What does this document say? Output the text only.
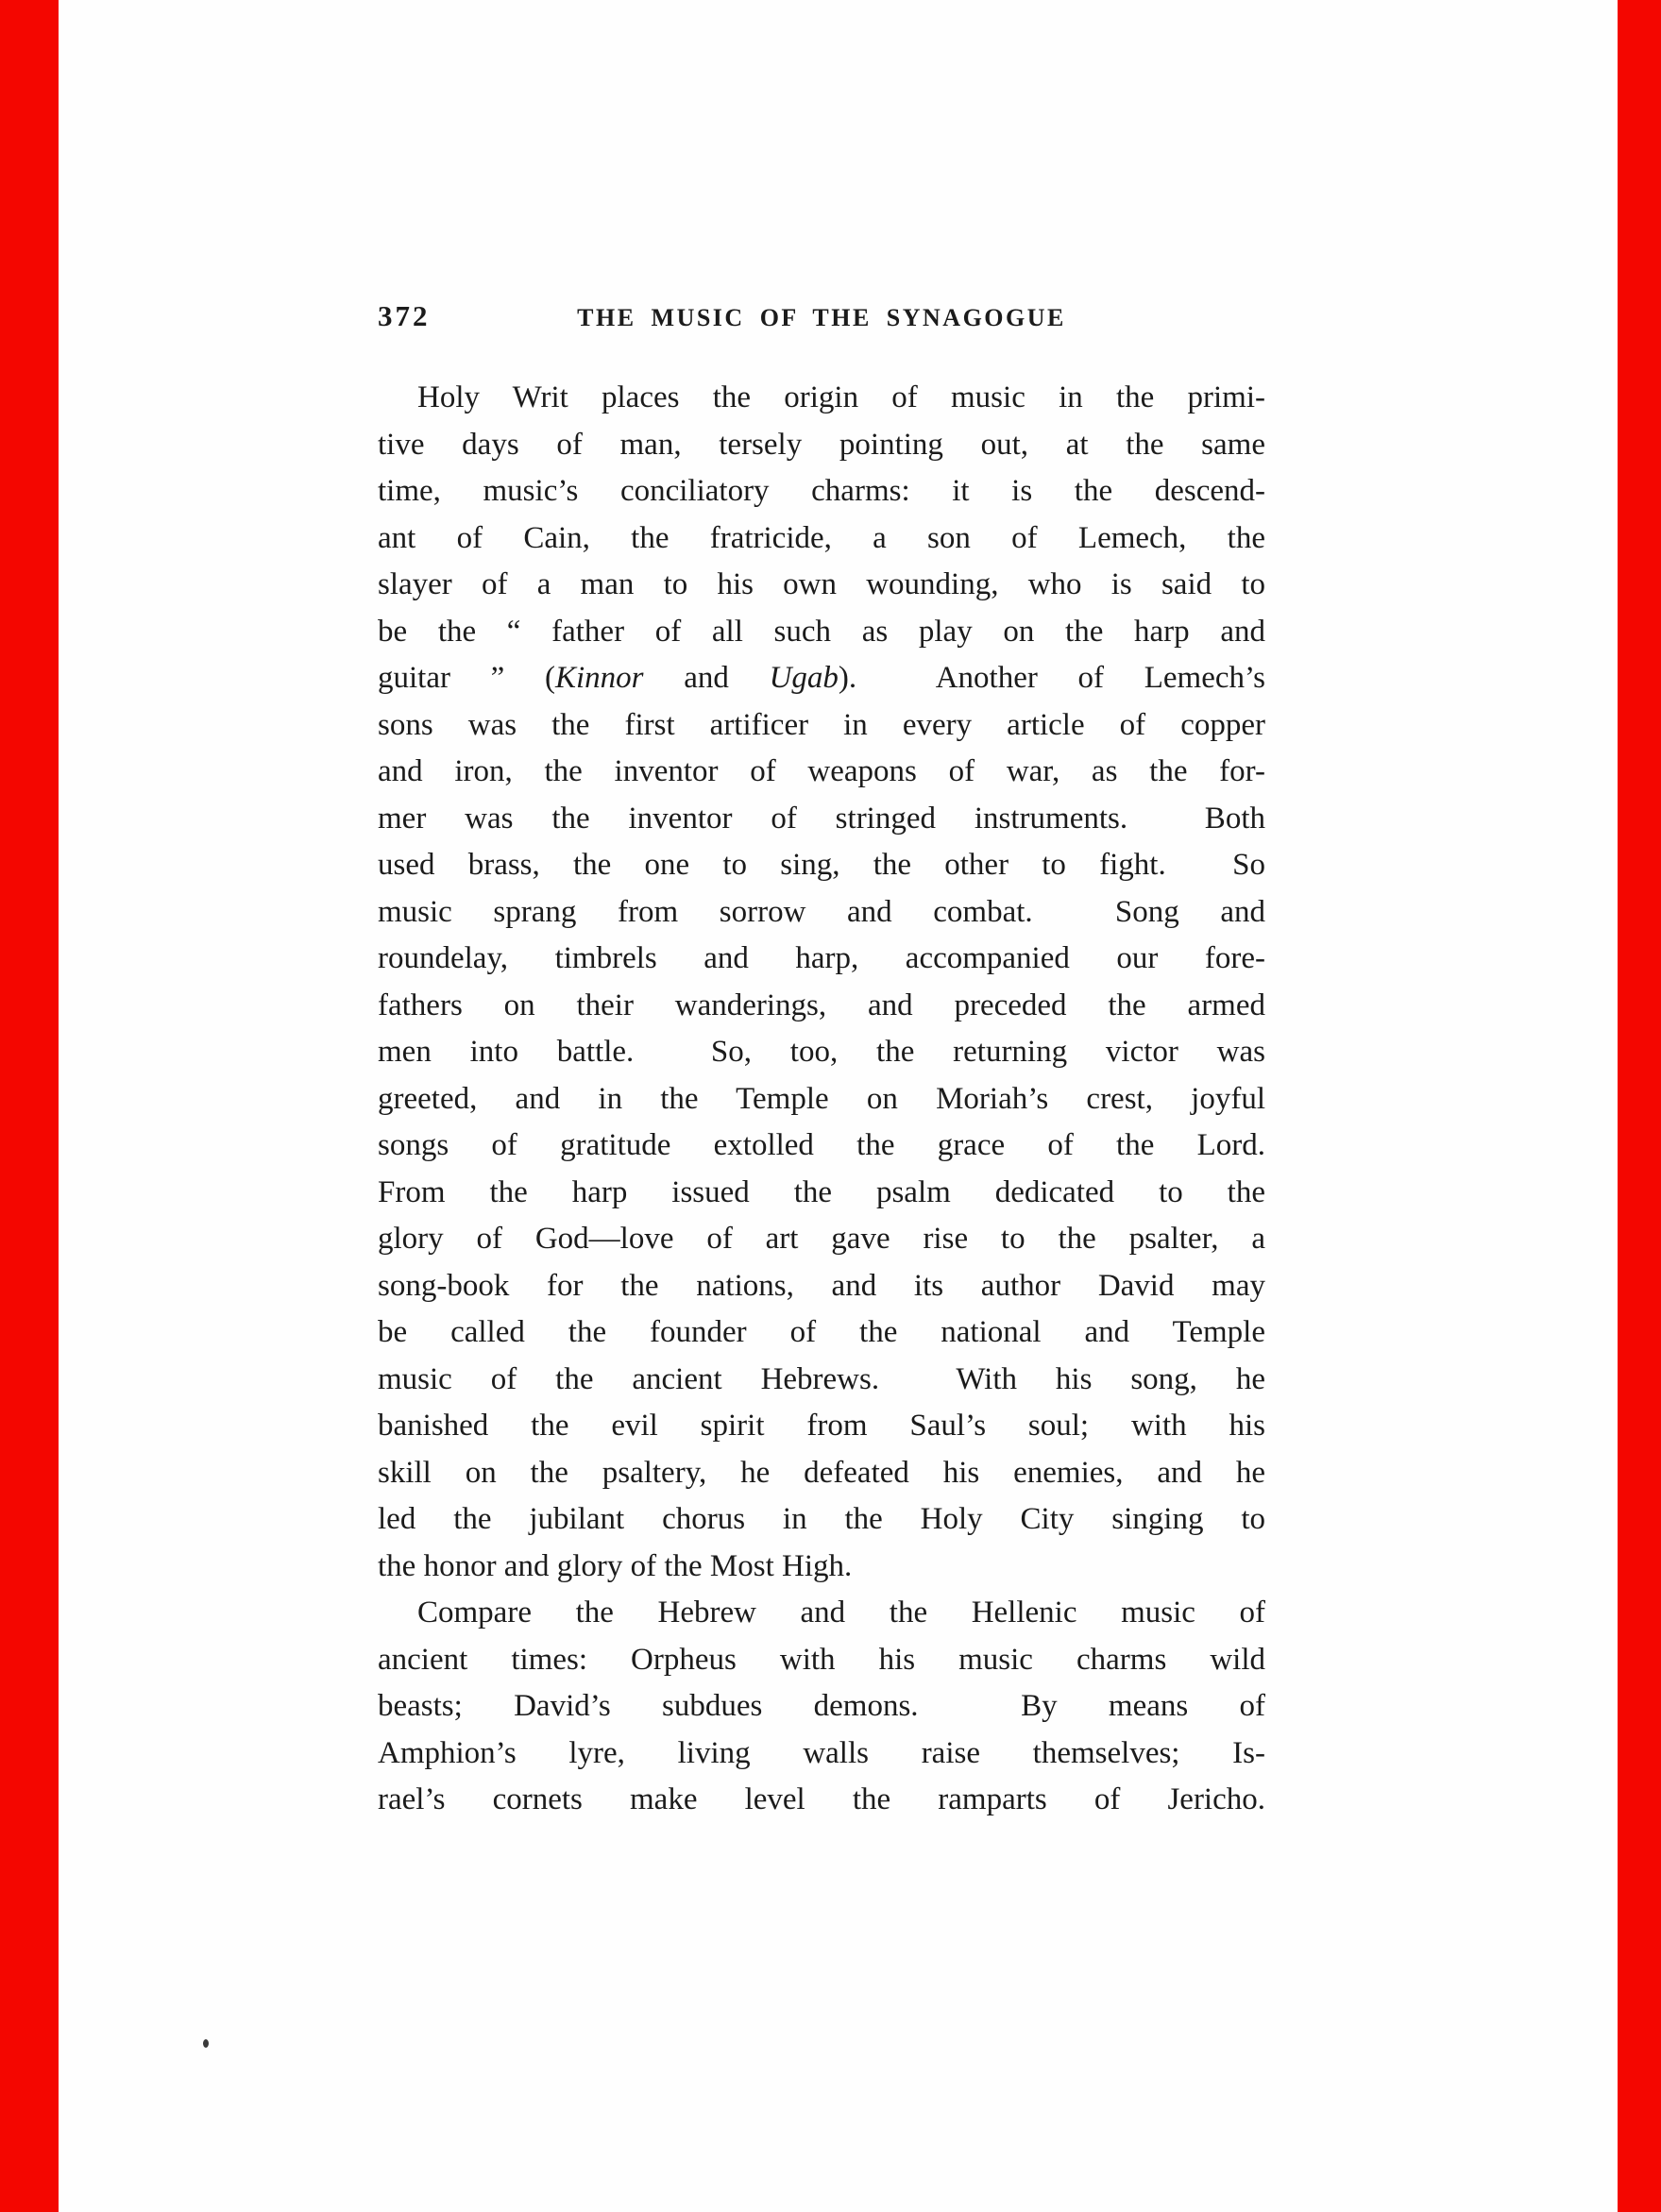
372	THE MUSIC OF THE SYNAGOGUE
Holy Writ places the origin of music in the primi-
tive days of man, tersely pointing out, at the same
time, music’s conciliatory charms: it is the descend-
ant of Cain, the fratricide, a son of Lemech, the
slayer of a man to his own wounding, who is said to
be the “ father of all such as play on the harp and
guitar ” (Kinnor and Ugab).  Another of Lemech’s
sons was the first artificer in every article of copper
and iron, the inventor of weapons of war, as the for-
mer was the inventor of stringed instruments.  Both
used brass, the one to sing, the other to fight.  So
music sprang from sorrow and combat.  Song and
roundelay, timbrels and harp, accompanied our fore-
fathers on their wanderings, and preceded the armed
men into battle.  So, too, the returning victor was
greeted, and in the Temple on Moriah’s crest, joyful
songs of gratitude extolled the grace of the Lord.
From the harp issued the psalm dedicated to the
glory of God—love of art gave rise to the psalter, a
song-book for the nations, and its author David may
be called the founder of the national and Temple
music of the ancient Hebrews.  With his song, he
banished the evil spirit from Saul’s soul; with his
skill on the psaltery, he defeated his enemies, and he
led the jubilant chorus in the Holy City singing to
the honor and glory of the Most High.
Compare the Hebrew and the Hellenic music of
ancient times: Orpheus with his music charms wild
beasts; David’s subdues demons.  By means of
Amphion’s lyre, living walls raise themselves; Is-
rael’s cornets make level the ramparts of Jericho.
